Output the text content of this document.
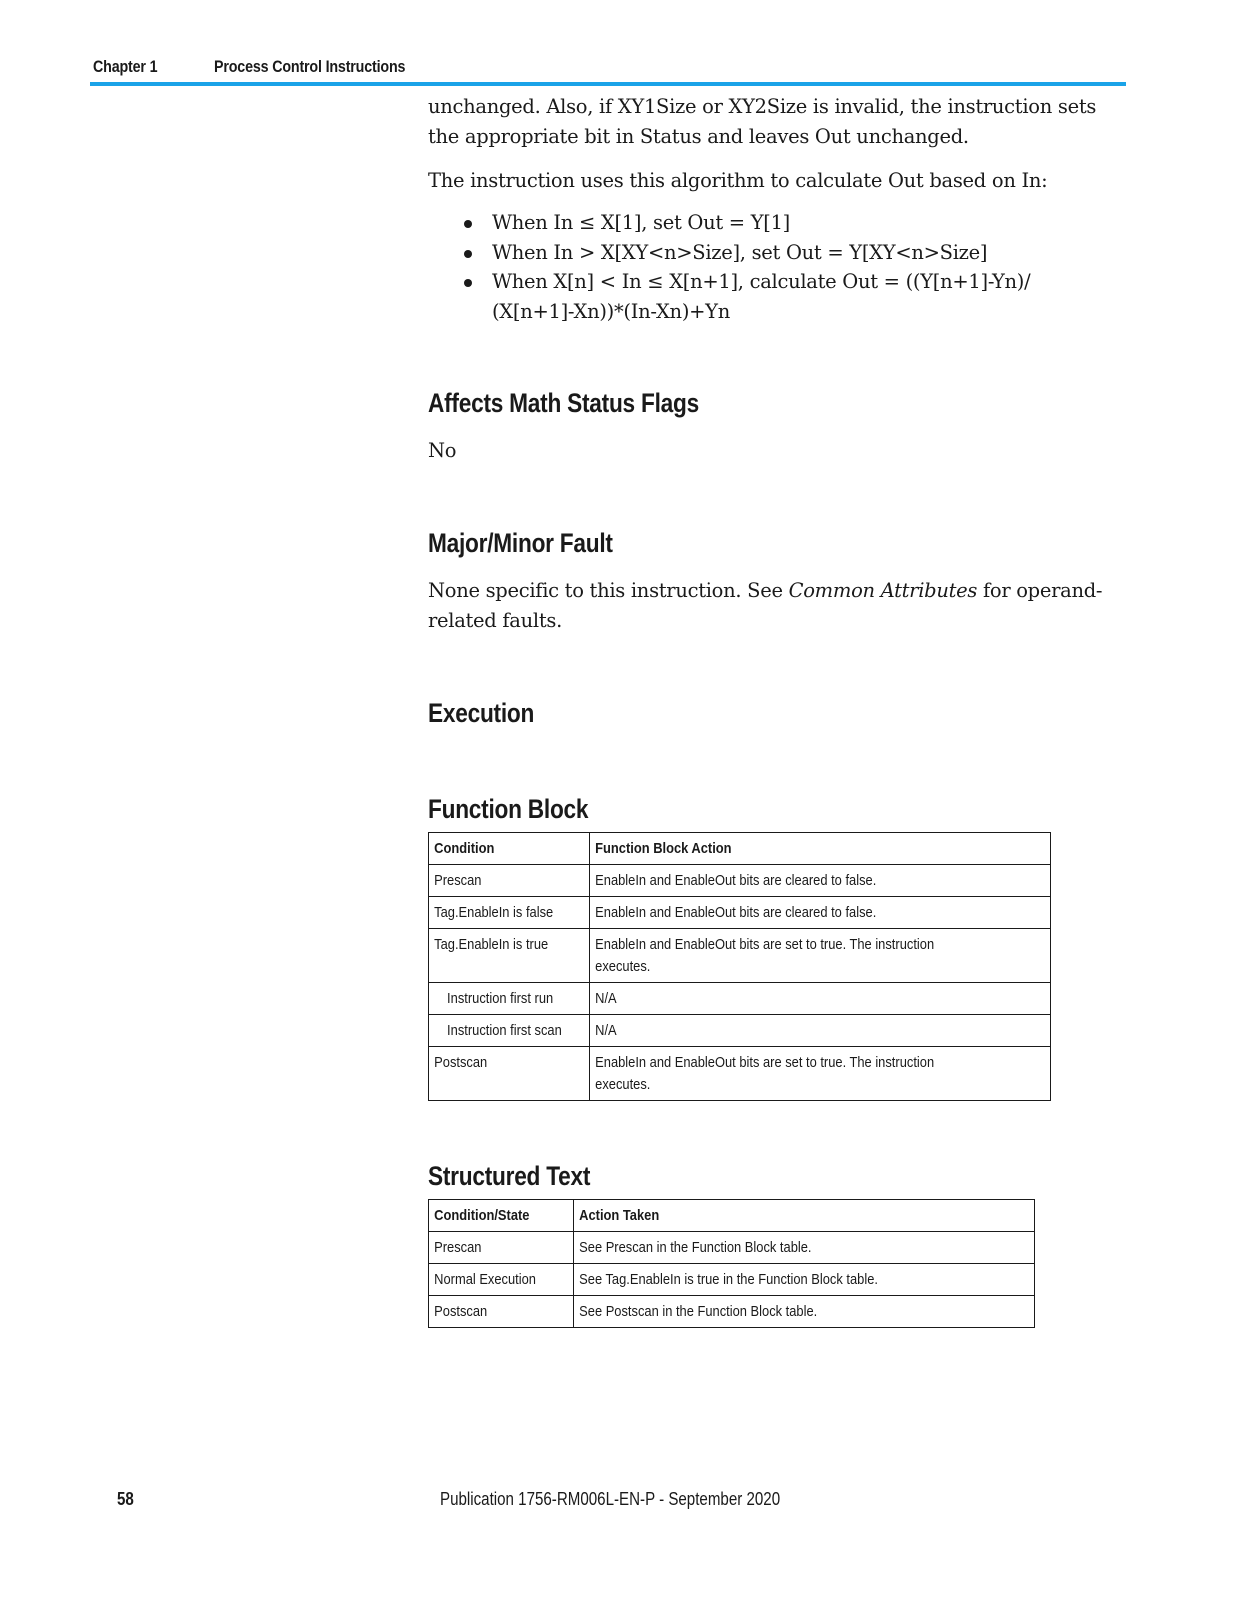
Chapter 1	Process Control Instructions

unchanged. Also, if XY1Size or XY2Size is invalid, the instruction sets the appropriate bit in Status and leaves Out unchanged.

The instruction uses this algorithm to calculate Out based on In:

When In ≤ X[1], set Out = Y[1]
When In > X[XY<n>Size], set Out = Y[XY<n>Size]
When X[n] < In ≤ X[n+1], calculate Out = ((Y[n+1]-Yn)/ (X[n+1]-Xn))*(In-Xn)+Yn
Affects Math Status Flags

No

Major/Minor Fault

None specific to this instruction. See Common Attributes for operand-related faults.

Execution
Function Block
Condition	Function Block Action

Prescan	EnableIn and EnableOut bits are cleared to false.

Tag.EnableIn is false	EnableIn and EnableOut bits are cleared to false.

Tag.EnableIn is true	EnableIn and EnableOut bits are set to true. The instruction executes.

Instruction first run	N/A

Instruction first scan	N/A

Postscan	EnableIn and EnableOut bits are set to true. The instruction executes.
Structured Text
Condition/State	Action Taken

Prescan	See Prescan in the Function Block table.

Normal Execution	See Tag.EnableIn is true in the Function Block table.

Postscan	See Postscan in the Function Block table.
58	Publication 1756-RM006L-EN-P - September 2020
